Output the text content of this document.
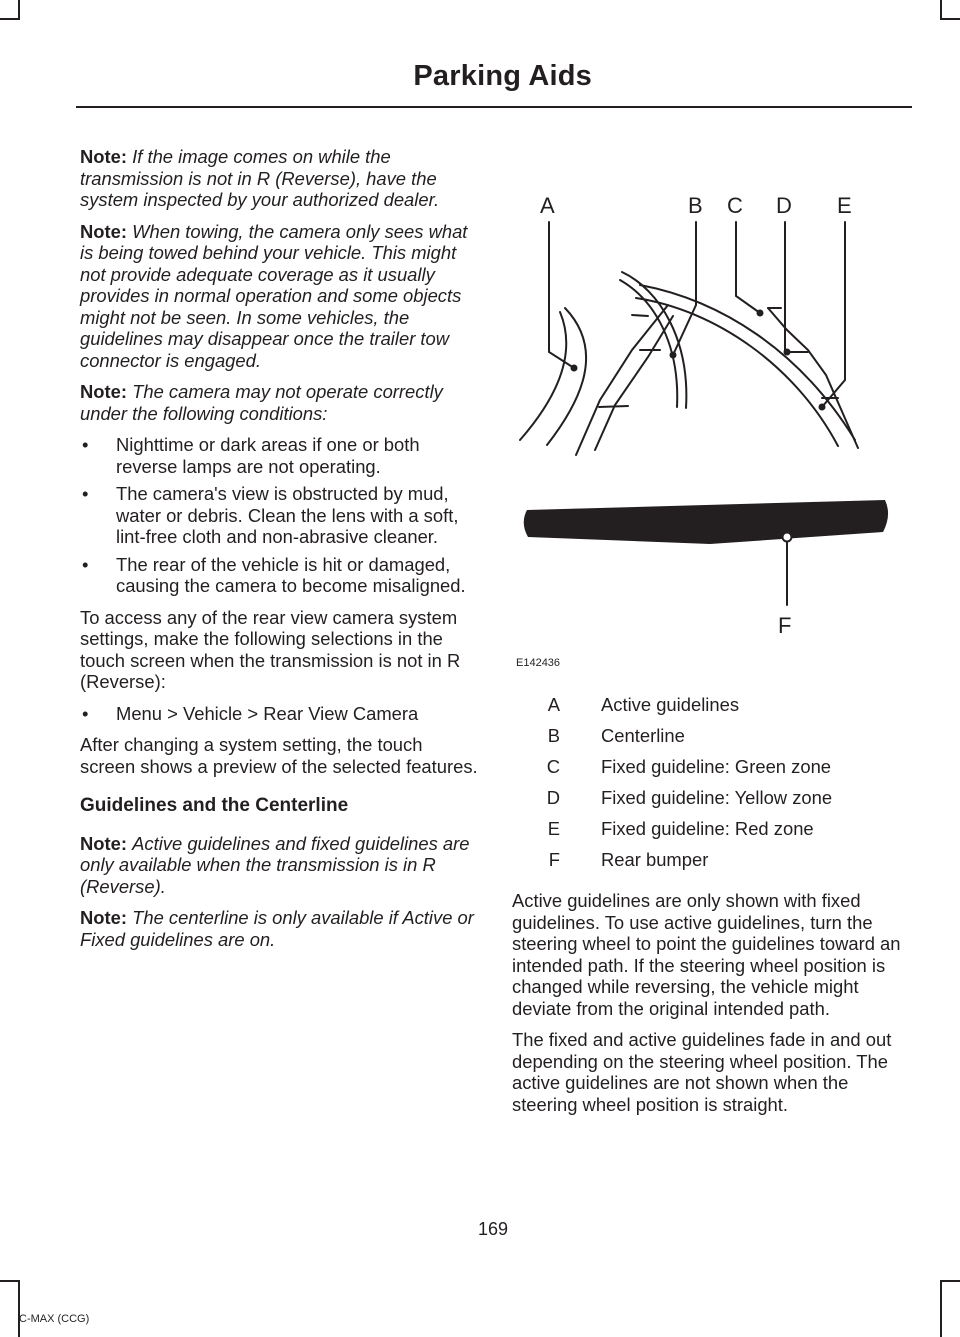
Parking Aids

Note: If the image comes on while the transmission is not in R (Reverse), have the system inspected by your authorized dealer.

Note: When towing, the camera only sees what is being towed behind your vehicle. This might not provide adequate coverage as it usually provides in normal operation and some objects might not be seen. In some vehicles, the guidelines may disappear once the trailer tow connector is engaged.

Note: The camera may not operate correctly under the following conditions:

• Nighttime or dark areas if one or both reverse lamps are not operating.
• The camera's view is obstructed by mud, water or debris. Clean the lens with a soft, lint-free cloth and non-abrasive cleaner.
• The rear of the vehicle is hit or damaged, causing the camera to become misaligned.

To access any of the rear view camera system settings, make the following selections in the touch screen when the transmission is not in R (Reverse):

• Menu > Vehicle > Rear View Camera

After changing a system setting, the touch screen shows a preview of the selected features.

Guidelines and the Centerline

Note: Active guidelines and fixed guidelines are only available when the transmission is in R (Reverse).

Note: The centerline is only available if Active or Fixed guidelines are on.

A	B C D E
F
E142436
A Active guidelines
B Centerline
C Fixed guideline: Green zone
D Fixed guideline: Yellow zone
E Fixed guideline: Red zone
F Rear bumper

Active guidelines are only shown with fixed guidelines. To use active guidelines, turn the steering wheel to point the guidelines toward an intended path. If the steering wheel position is changed while reversing, the vehicle might deviate from the original intended path.

The fixed and active guidelines fade in and out depending on the steering wheel position. The active guidelines are not shown when the steering wheel position is straight.

169
C-MAX (CCG)
